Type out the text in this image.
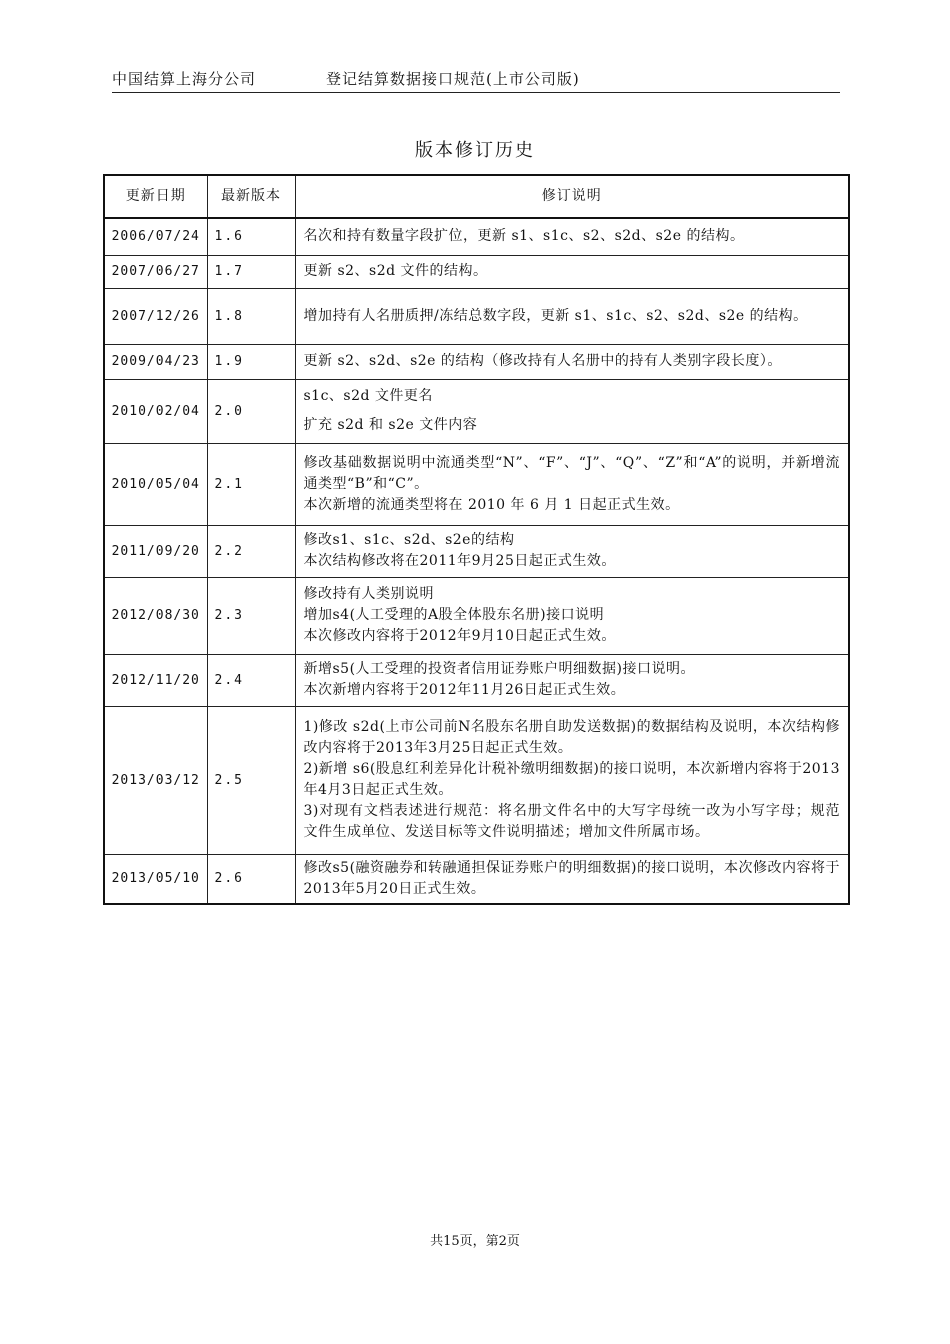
中国结算上海分公司	登记结算数据接口规范(上市公司版)
版本修订历史
更新日期	最新版本	修订说明
2006/07/24	1.6	名次和持有数量字段扩位，更新 s1、s1c、s2、s2d、s2e 的结构。

2007/06/27	1.7	更新 s2、s2d 文件的结构。

2007/12/26	1.8	增加持有人名册质押/冻结总数字段，更新 s1、s1c、s2、s2d、s2e 的结构。

2009/04/23	1.9	更新 s2、s2d、s2e 的结构（修改持有人名册中的持有人类别字段长度）。

2010/02/04	2.0	s1c、s2d 文件更名
扩充 s2d 和 s2e 文件内容

2010/05/04	2.1	修改基础数据说明中流通类型“N”、“F”、“J”、“Q”、“Z”和“A”的说明，并新增流通类型“B”和“C”。
本次新增的流通类型将在 2010 年 6 月 1 日起正式生效。

2011/09/20	2.2	修改s1、s1c、s2d、s2e的结构
本次结构修改将在2011年9月25日起正式生效。

2012/08/30	2.3	修改持有人类别说明
增加s4(人工受理的A股全体股东名册)接口说明
本次修改内容将于2012年9月10日起正式生效。

2012/11/20	2.4	新增s5(人工受理的投资者信用证券账户明细数据)接口说明。
本次新增内容将于2012年11月26日起正式生效。

2013/03/12	2.5	1)修改 s2d(上市公司前N名股东名册自助发送数据)的数据结构及说明，本次结构修改内容将于2013年3月25日起正式生效。
2)新增 s6(股息红利差异化计税补缴明细数据)的接口说明，本次新增内容将于2013年4月3日起正式生效。
3)对现有文档表述进行规范：将名册文件名中的大写字母统一改为小写字母；规范文件生成单位、发送目标等文件说明描述；增加文件所属市场。

2013/05/10	2.6	修改s5(融资融券和转融通担保证券账户的明细数据)的接口说明，本次修改内容将于2013年5月20日正式生效。
共15页，第2页
